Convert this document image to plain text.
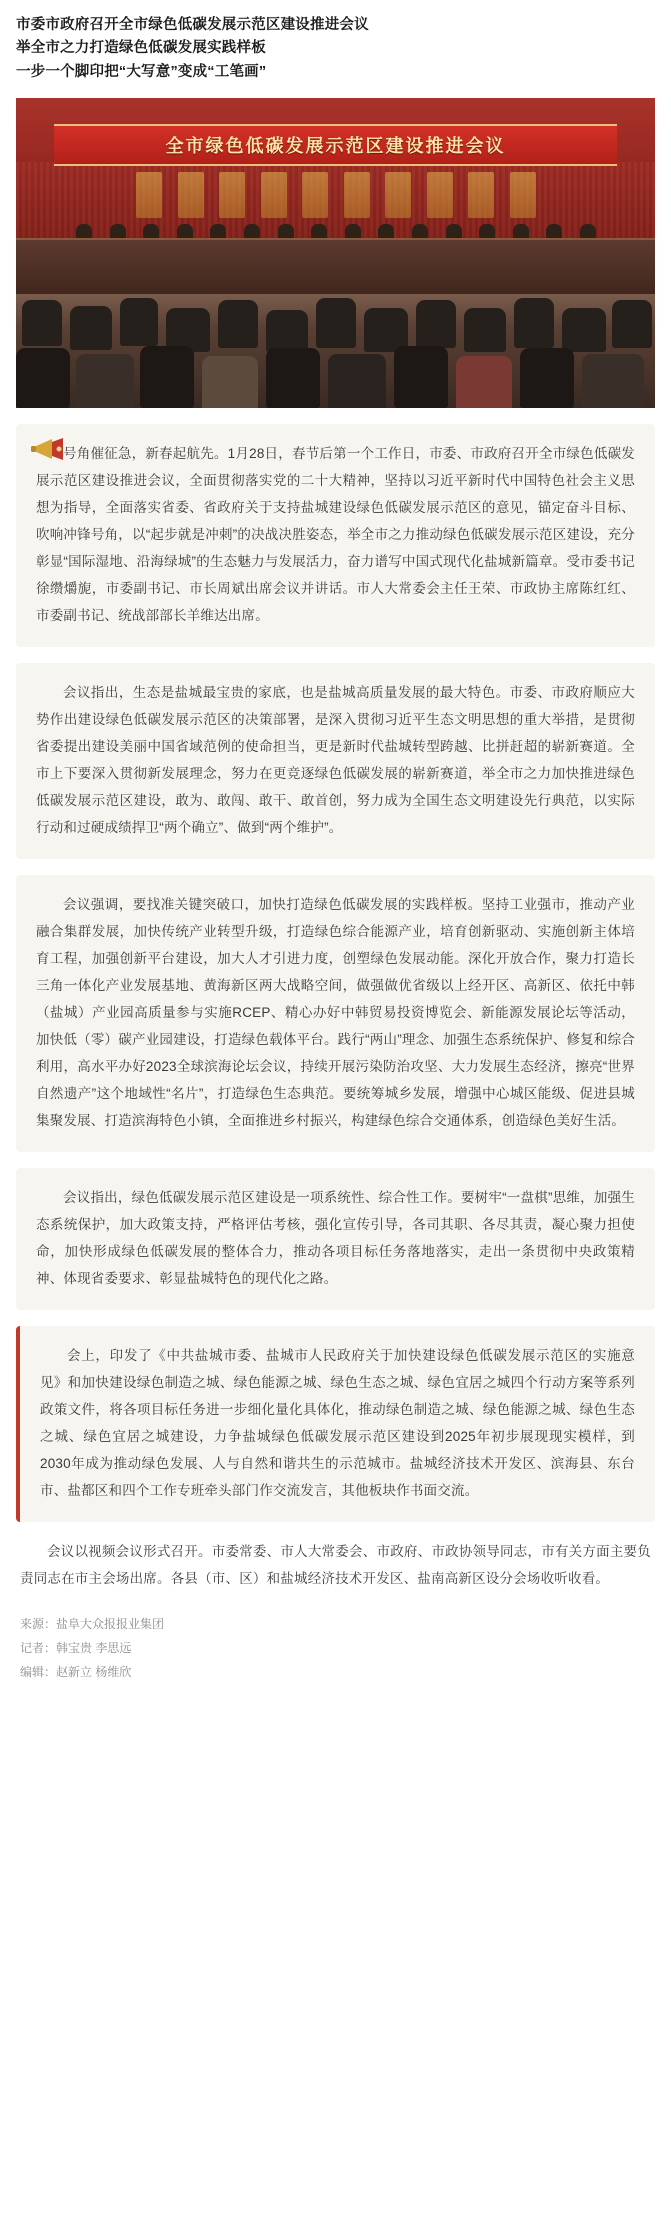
市委市政府召开全市绿色低碳发展示范区建设推进会议
举全市之力打造绿色低碳发展实践样板
一步一个脚印把“大写意”变成“工笔画”
全市绿色低碳发展示范区建设推进会议

号角催征急，新春起航先。1月28日，春节后第一个工作日，市委、市政府召开全市绿色低碳发展示范区建设推进会议，全面贯彻落实党的二十大精神，坚持以习近平新时代中国特色社会主义思想为指导，全面落实省委、省政府关于支持盐城建设绿色低碳发展示范区的意见，锚定奋斗目标、吹响冲锋号角，以“起步就是冲刺”的决战决胜姿态，举全市之力推动绿色低碳发展示范区建设，充分彰显“国际湿地、沿海绿城”的生态魅力与发展活力，奋力谱写中国式现代化盐城新篇章。受市委书记徐缵爝旎，市委副书记、市长周斌出席会议并讲话。市人大常委会主任王荣、市政协主席陈红红、市委副书记、统战部部长羊维达出席。

会议指出，生态是盐城最宝贵的家底，也是盐城高质量发展的最大特色。市委、市政府顺应大势作出建设绿色低碳发展示范区的决策部署，是深入贯彻习近平生态文明思想的重大举措，是贯彻省委提出建设美丽中国省域范例的使命担当，更是新时代盐城转型跨越、比拼赶超的崭新赛道。全市上下要深入贯彻新发展理念，努力在更竞逐绿色低碳发展的崭新赛道，举全市之力加快推进绿色低碳发展示范区建设，敢为、敢闯、敢干、敢首创，努力成为全国生态文明建设先行典范，以实际行动和过硬成绩捍卫“两个确立”、做到“两个维护”。

会议强调，要找准关键突破口，加快打造绿色低碳发展的实践样板。坚持工业强市，推动产业融合集群发展，加快传统产业转型升级，打造绿色综合能源产业，培育创新驱动、实施创新主体培育工程，加强创新平台建设，加大人才引进力度，创塑绿色发展动能。深化开放合作，聚力打造长三角一体化产业发展基地、黄海新区两大战略空间，做强做优省级以上经开区、高新区、依托中韩（盐城）产业园高质量参与实施RCEP、精心办好中韩贸易投资博览会、新能源发展论坛等活动，加快低（零）碳产业园建设，打造绿色载体平台。践行“两山”理念、加强生态系统保护、修复和综合利用，高水平办好2023全球滨海论坛会议，持续开展污染防治攻坚、大力发展生态经济，擦亮“世界自然遗产”这个地域性“名片”，打造绿色生态典范。要统筹城乡发展，增强中心城区能级、促进县城集聚发展、打造滨海特色小镇，全面推进乡村振兴，构建绿色综合交通体系，创造绿色美好生活。

会议指出，绿色低碳发展示范区建设是一项系统性、综合性工作。要树牢“一盘棋”思维，加强生态系统保护，加大政策支持，严格评估考核，强化宣传引导，各司其职、各尽其责，凝心聚力担使命，加快形成绿色低碳发展的整体合力，推动各项目标任务落地落实，走出一条贯彻中央政策精神、体现省委要求、彰显盐城特色的现代化之路。

会上，印发了《中共盐城市委、盐城市人民政府关于加快建设绿色低碳发展示范区的实施意见》和加快建设绿色制造之城、绿色能源之城、绿色生态之城、绿色宜居之城四个行动方案等系列政策文件，将各项目标任务进一步细化量化具体化，推动绿色制造之城、绿色能源之城、绿色生态之城、绿色宜居之城建设，力争盐城绿色低碳发展示范区建设到2025年初步展现现实模样，到2030年成为推动绿色发展、人与自然和谐共生的示范城市。盐城经济技术开发区、滨海县、东台市、盐都区和四个工作专班牵头部门作交流发言，其他板块作书面交流。

会议以视频会议形式召开。市委常委、市人大常委会、市政府、市政协领导同志，市有关方面主要负责同志在市主会场出席。各县（市、区）和盐城经济技术开发区、盐南高新区设分会场收听收看。

来源：盐阜大众报报业集团
记者：韩宝贵 李思远
编辑：赵新立 杨维欣
